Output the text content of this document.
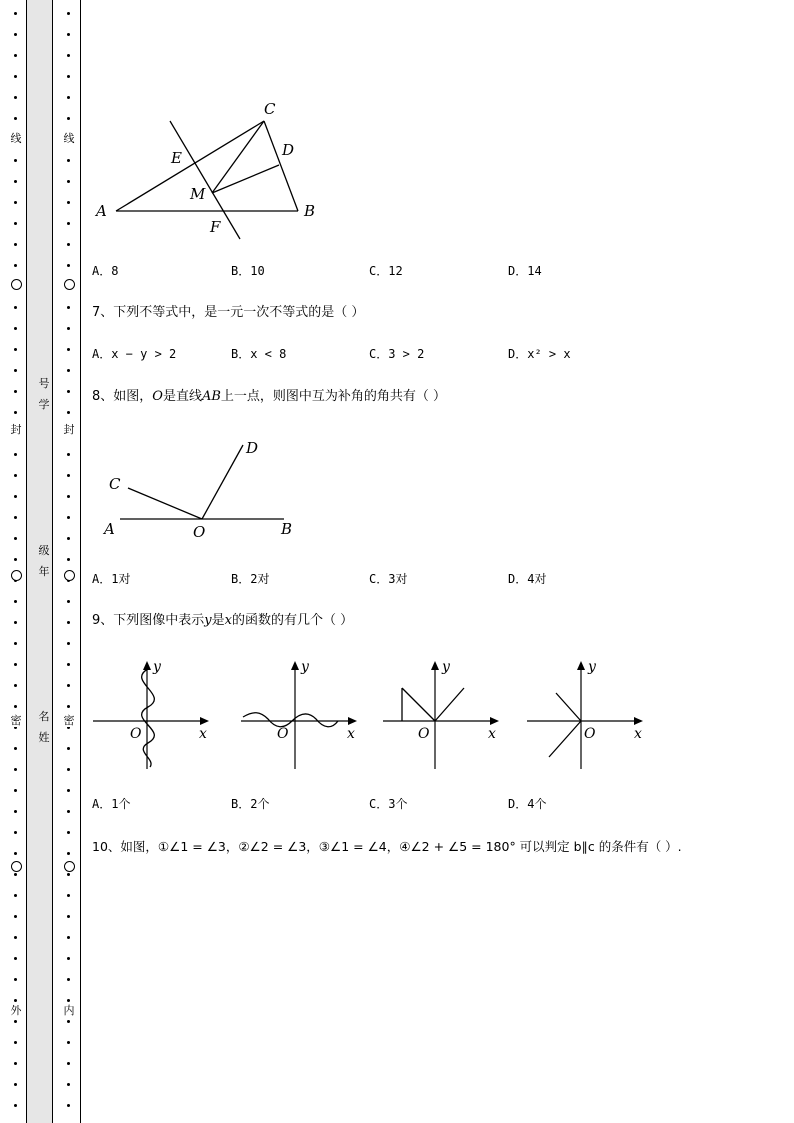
线
封
密
外
线
封
密
内
号
学
级
年
名
姓
A	B
C
D
E
F
M
A．8	B．10	C．12	D．14
7、下列不等式中，是一元一次不等式的是（ ）
A．x − y > 2	B．x < 8	C．3 > 2	D．x² > x
8、如图，O是直线AB上一点，则图中互为补角的角共有（ ）
A	B
C
D
O
A．1对	B．2对	C．3对	D．4对
9、下列图像中表示y是x的函数的有几个（ ）
y
O	x
y
O	x
y
O	x
y
O	x
A．1个	B．2个	C．3个	D．4个
10、如图，①∠1 = ∠3，②∠2 = ∠3，③∠1 = ∠4，④∠2 + ∠5 = 180° 可以判定 b∥c 的条件有（ ）.
